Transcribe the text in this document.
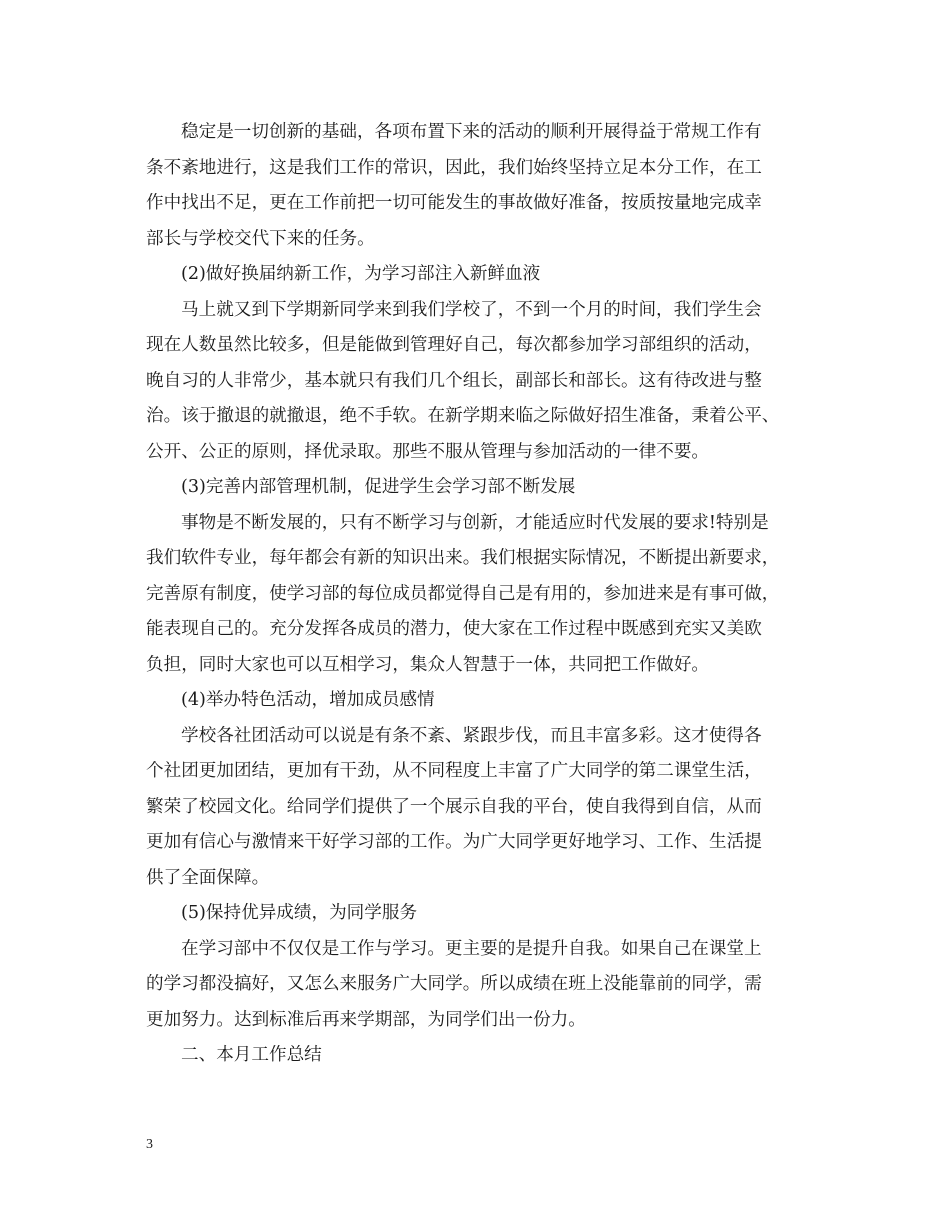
稳定是一切创新的基础，各项布置下来的活动的顺利开展得益于常规工作有
条不紊地进行，这是我们工作的常识，因此，我们始终坚持立足本分工作，在工
作中找出不足，更在工作前把一切可能发生的事故做好准备，按质按量地完成幸
部长与学校交代下来的任务。
(2)做好换届纳新工作，为学习部注入新鲜血液
马上就又到下学期新同学来到我们学校了，不到一个月的时间，我们学生会
现在人数虽然比较多，但是能做到管理好自己，每次都参加学习部组织的活动，
晚自习的人非常少，基本就只有我们几个组长，副部长和部长。这有待改进与整
治。该于撤退的就撤退，绝不手软。在新学期来临之际做好招生准备，秉着公平、
公开、公正的原则，择优录取。那些不服从管理与参加活动的一律不要。
(3)完善内部管理机制，促进学生会学习部不断发展
事物是不断发展的，只有不断学习与创新，才能适应时代发展的要求!特别是
我们软件专业，每年都会有新的知识出来。我们根据实际情况，不断提出新要求，
完善原有制度，使学习部的每位成员都觉得自己是有用的，参加进来是有事可做，
能表现自己的。充分发挥各成员的潜力，使大家在工作过程中既感到充实又美欧
负担，同时大家也可以互相学习，集众人智慧于一体，共同把工作做好。
(4)举办特色活动，增加成员感情
学校各社团活动可以说是有条不紊、紧跟步伐，而且丰富多彩。这才使得各
个社团更加团结，更加有干劲，从不同程度上丰富了广大同学的第二课堂生活，
繁荣了校园文化。给同学们提供了一个展示自我的平台，使自我得到自信，从而
更加有信心与激情来干好学习部的工作。为广大同学更好地学习、工作、生活提
供了全面保障。
(5)保持优异成绩，为同学服务
在学习部中不仅仅是工作与学习。更主要的是提升自我。如果自己在课堂上
的学习都没搞好，又怎么来服务广大同学。所以成绩在班上没能靠前的同学，需
更加努力。达到标准后再来学期部，为同学们出一份力。
二、本月工作总结
3
